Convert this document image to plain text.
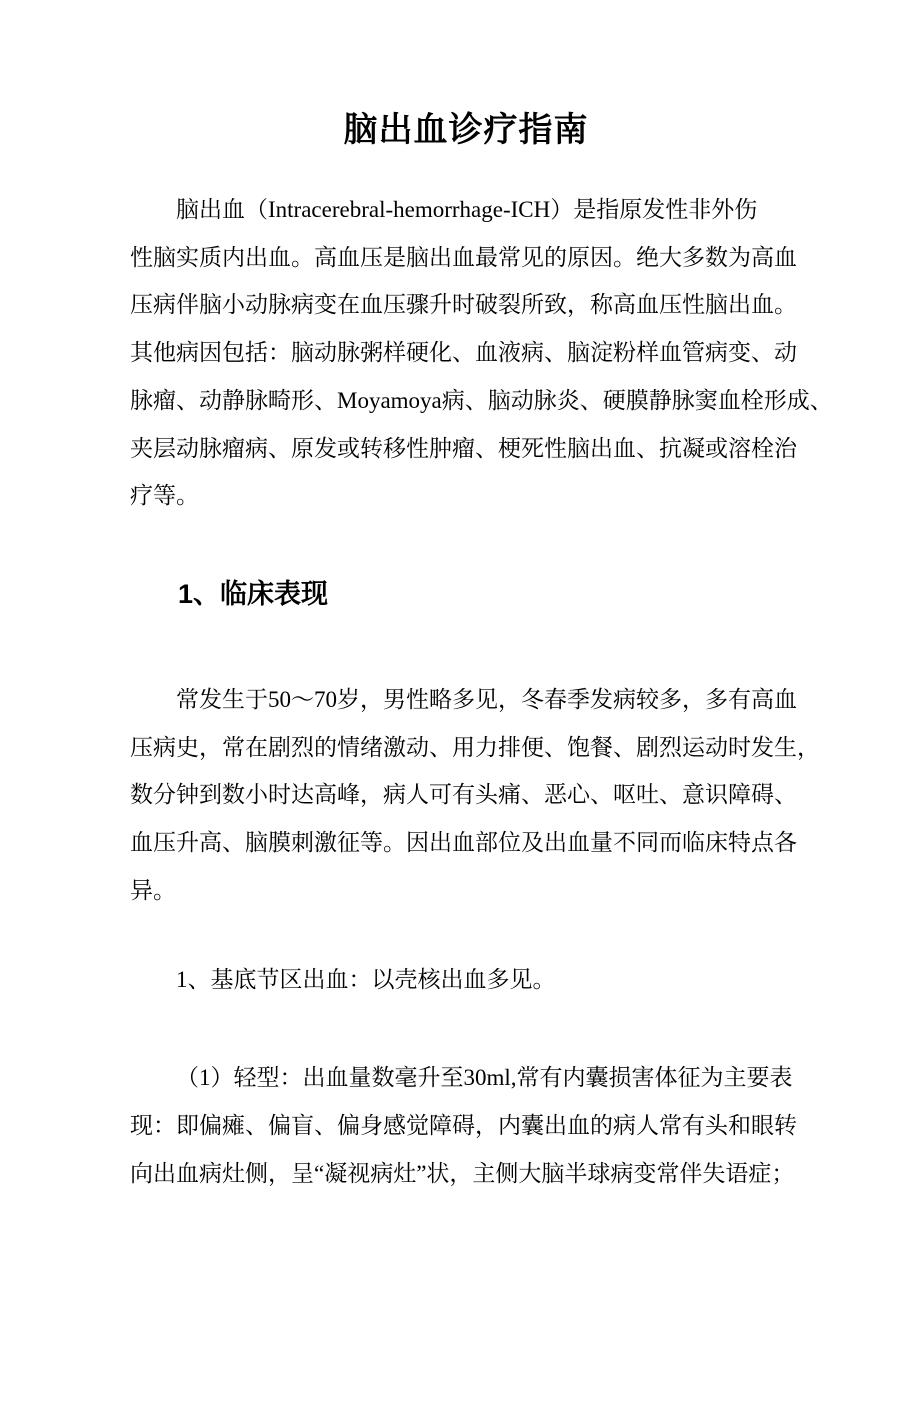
脑出血诊疗指南
脑出血（Intracerebral-hemorrhage-ICH）是指原发性非外伤
性脑实质内出血。高血压是脑出血最常见的原因。绝大多数为高血
压病伴脑小动脉病变在血压骤升时破裂所致，称高血压性脑出血。
其他病因包括：脑动脉粥样硬化、血液病、脑淀粉样血管病变、动
脉瘤、动静脉畸形、Moyamoya病、脑动脉炎、硬膜静脉窦血栓形成、
夹层动脉瘤病、原发或转移性肿瘤、梗死性脑出血、抗凝或溶栓治
疗等。
1、临床表现
常发生于50～70岁，男性略多见，冬春季发病较多，多有高血
压病史，常在剧烈的情绪激动、用力排便、饱餐、剧烈运动时发生，
数分钟到数小时达高峰，病人可有头痛、恶心、呕吐、意识障碍、
血压升高、脑膜刺激征等。因出血部位及出血量不同而临床特点各
异。
1、基底节区出血：以壳核出血多见。
（1）轻型：出血量数毫升至30ml,常有内囊损害体征为主要表
现：即偏瘫、偏盲、偏身感觉障碍，内囊出血的病人常有头和眼转
向出血病灶侧，呈“凝视病灶”状，主侧大脑半球病变常伴失语症；
